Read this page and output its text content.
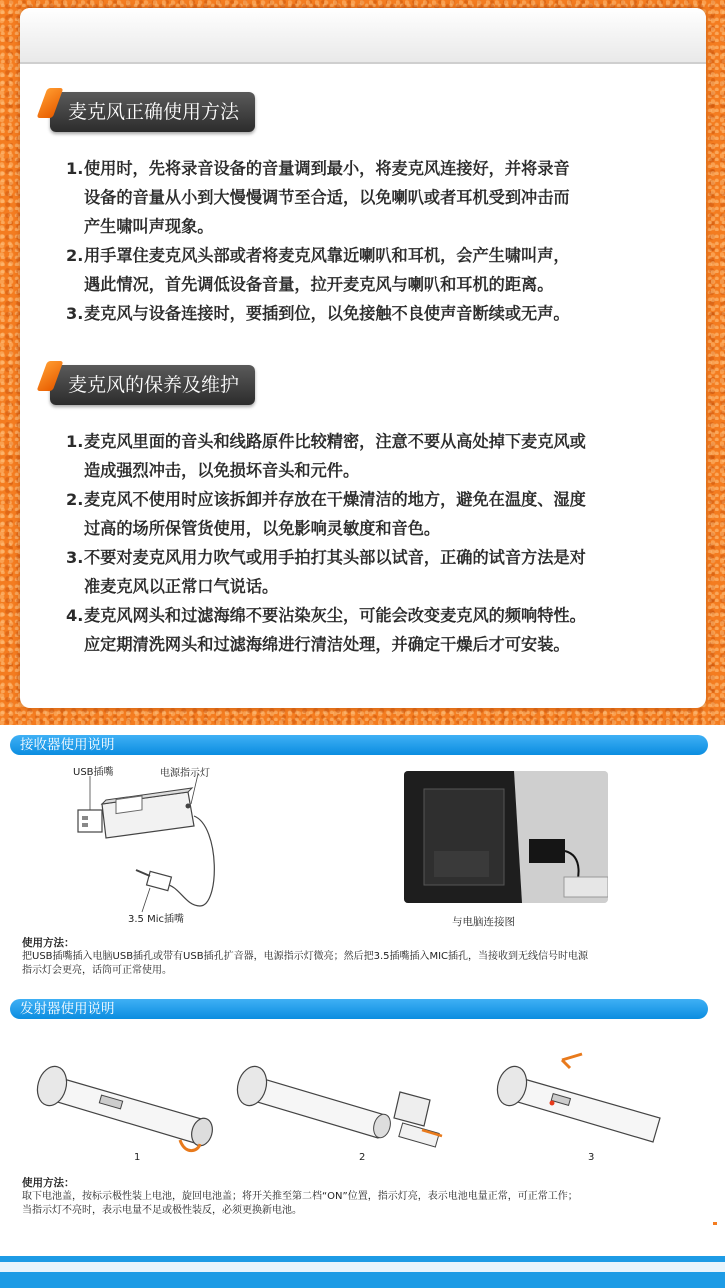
麦克风正确使用方法
1.使用时，先将录音设备的音量调到最小，将麦克风连接好，并将录音
设备的音量从小到大慢慢调节至合适，以免喇叭或者耳机受到冲击而
产生啸叫声现象。
2.用手罩住麦克风头部或者将麦克风靠近喇叭和耳机，会产生啸叫声，
遇此情况，首先调低设备音量，拉开麦克风与喇叭和耳机的距离。
3.麦克风与设备连接时，要插到位，以免接触不良使声音断续或无声。
麦克风的保养及维护
1.麦克风里面的音头和线路原件比较精密，注意不要从高处掉下麦克风或
造成强烈冲击，以免损坏音头和元件。
2.麦克风不使用时应该拆卸并存放在干燥清洁的地方，避免在温度、湿度
过高的场所保管货使用，以免影响灵敏度和音色。
3.不要对麦克风用力吹气或用手拍打其头部以试音，正确的试音方法是对
准麦克风以正常口气说话。
4.麦克风网头和过滤海绵不要沾染灰尘，可能会改变麦克风的频响特性。
应定期清洗网头和过滤海绵进行清洁处理，并确定干燥后才可安装。
接收器使用说明
USB插嘴	电源指示灯
3.5 Mic插嘴	与电脑连接图
使用方法：
把USB插嘴插入电脑USB插孔或带有USB插孔扩音器，电源指示灯微亮；然后把3.5插嘴插入MIC插孔，当接收到无线信号时电源
指示灯会更亮，话筒可正常使用。
发射器使用说明
1	2	3
使用方法：
取下电池盖，按标示极性装上电池，旋回电池盖；将开关推至第二档“ON”位置，指示灯亮，表示电池电量正常，可正常工作；
当指示灯不亮时，表示电量不足或极性装反，必须更换新电池。
